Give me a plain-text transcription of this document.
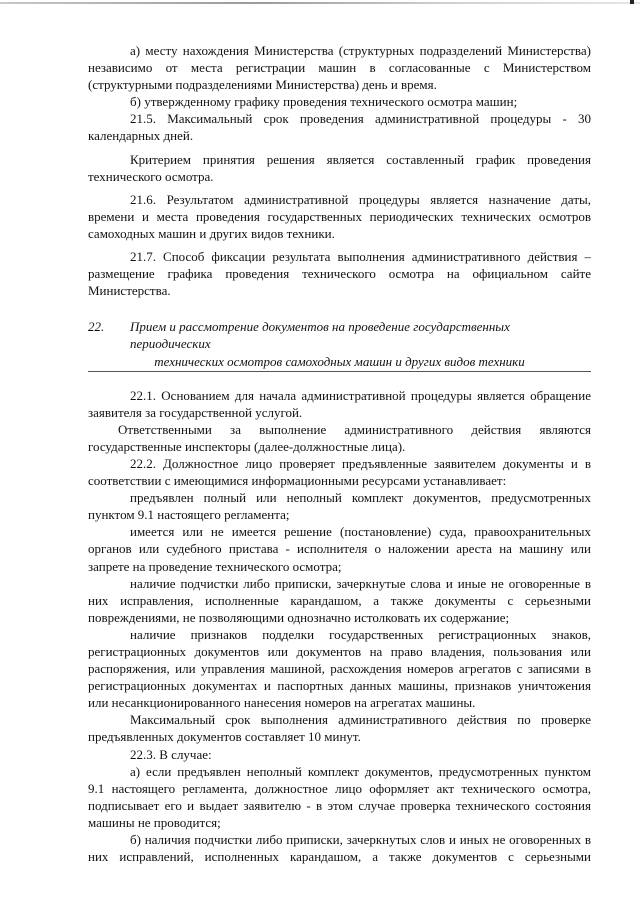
а) месту нахождения Министерства (структурных подразделений Министерства) независимо от места регистрации машин в согласованные с Министерством (структурными подразделениями Министерства) день и время.

б) утвержденному графику проведения технического осмотра машин;

21.5. Максимальный срок проведения административной процедуры - 30 календарных дней.

Критерием принятия решения является составленный график проведения технического осмотра.

21.6. Результатом административной процедуры является назначение даты, времени и места проведения государственных периодических технических осмотров самоходных машин и других видов техники.

21.7. Способ фиксации результата выполнения административного действия – размещение графика проведения технического осмотра на официальном сайте Министерства.

22.	Прием и рассмотрение документов на проведение государственных периодических
технических осмотров самоходных машин и других видов техники

22.1. Основанием для начала административной процедуры является обращение заявителя за государственной услугой.

Ответственными за выполнение административного действия являются государственные инспекторы (далее-должностные лица).

22.2. Должностное лицо проверяет предъявленные заявителем документы и в соответствии с имеющимися информационными ресурсами устанавливает:

предъявлен полный или неполный комплект документов, предусмотренных пунктом 9.1 настоящего регламента;

имеется или не имеется решение (постановление) суда, правоохранительных органов или судебного пристава - исполнителя о наложении ареста на машину или запрете на проведение технического осмотра;

наличие подчистки либо приписки, зачеркнутые слова и иные не оговоренные в них исправления, исполненные карандашом, а также документы с серьезными повреждениями, не позволяющими однозначно истолковать их содержание;

наличие признаков подделки государственных регистрационных знаков, регистрационных документов или документов на право владения, пользования или распоряжения, или управления машиной, расхождения номеров агрегатов с записями в регистрационных документах и паспортных данных машины, признаков уничтожения или несанкционированного нанесения номеров на агрегатах машины.

Максимальный срок выполнения административного действия по проверке предъявленных документов составляет 10 минут.

22.3. В случае:

а) если предъявлен неполный комплект документов, предусмотренных пунктом 9.1 настоящего регламента, должностное лицо оформляет акт технического осмотра, подписывает его и выдает заявителю - в этом случае проверка технического состояния машины не проводится;

б) наличия подчистки либо приписки, зачеркнутых слов и иных не оговоренных в них исправлений, исполненных карандашом, а также документов с серьезными
